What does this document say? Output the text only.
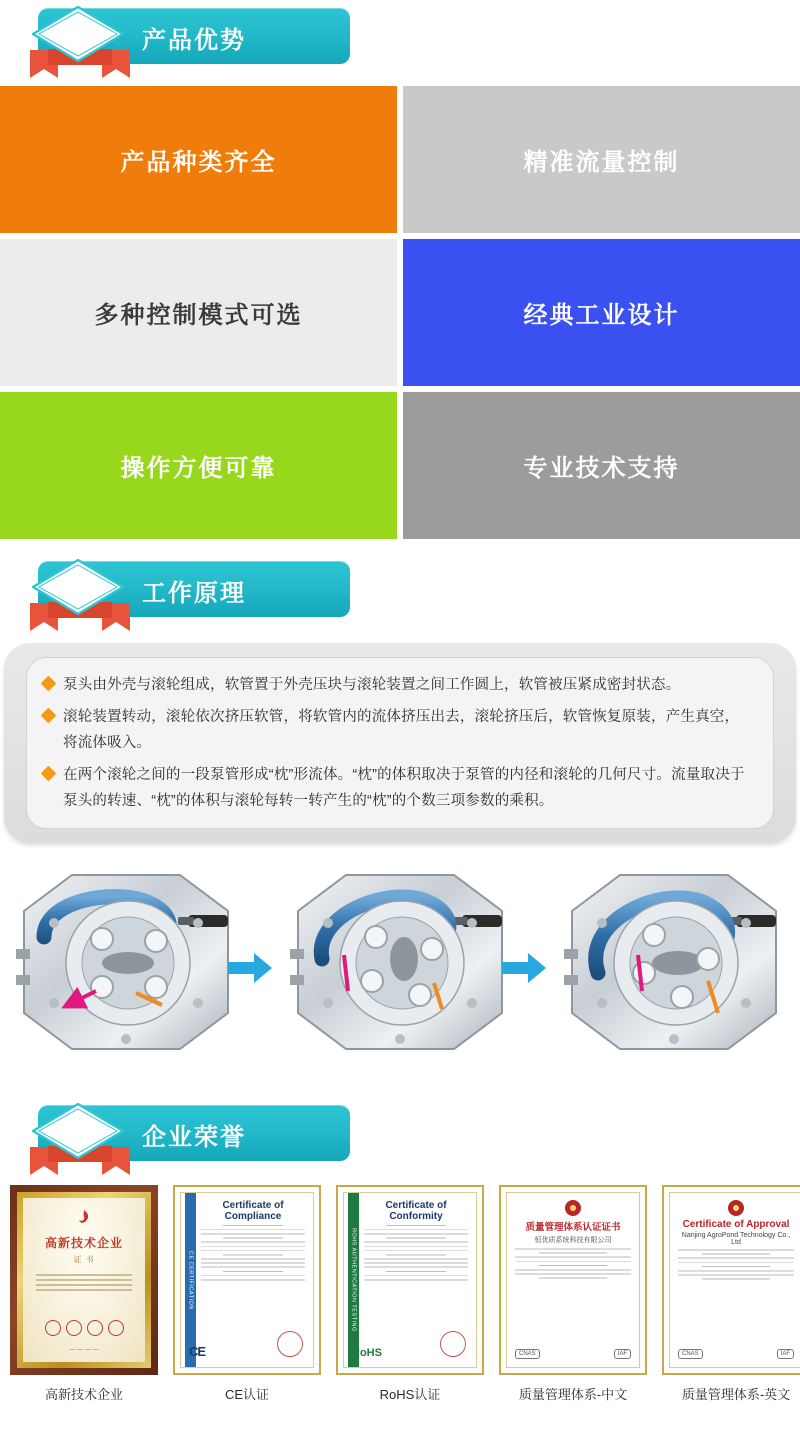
OEM	产品优势
产品种类齐全	精准流量控制
多种控制模式可选	经典工业设计
操作方便可靠	专业技术支持
OEM	工作原理
泵头由外壳与滚轮组成，软管置于外壳压块与滚轮装置之间工作圆上，软管被压紧成密封状态。
滚轮装置转动，滚轮依次挤压软管，将软管内的流体挤压出去，滚轮挤压后，软管恢复原装，产生真空，将流体吸入。
在两个滚轮之间的一段泵管形成“枕”形流体。“枕”的体积取决于泵管的内径和滚轮的几何尺寸。流量取决于泵头的转速、“枕”的体积与滚轮每转一转产生的“枕”的个数三项参数的乘积。
OEM	企业荣誉
高新技术企业
证 书
— — — —
高新技术企业
CE CERTIFICATION
Certificate of Compliance
CE
CE认证
ROHS AUTHENTICATION TESTING
Certificate of Conformity
RoHS
RoHS认证
质量管理体系认证证书
恒优质系统科技有限公司
CNAS	IAF
质量管理体系-中文
Certificate of Approval
Nanjing AgroPond Technology Co., Ltd
CNAS	IAF
质量管理体系-英文
